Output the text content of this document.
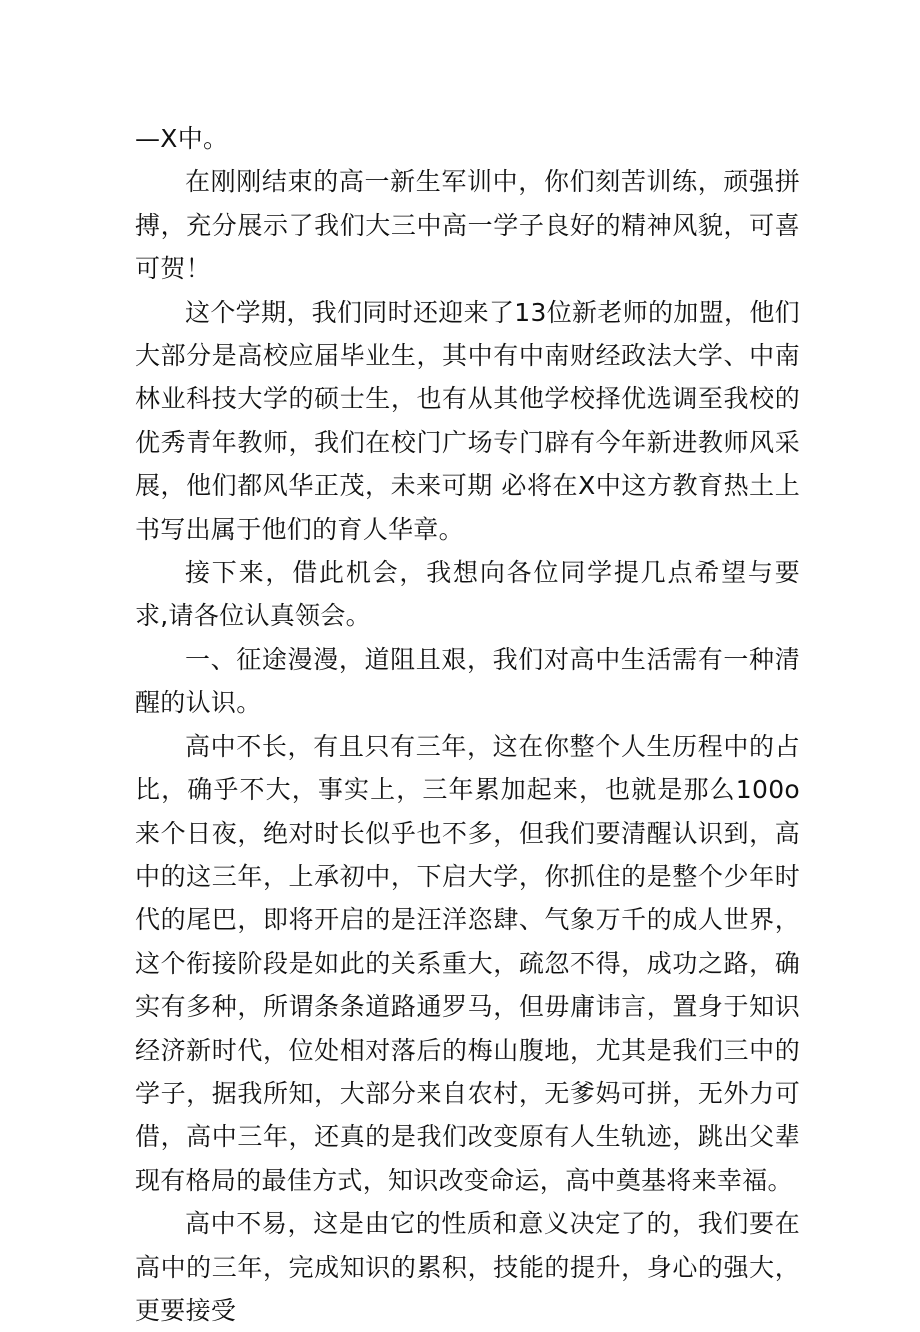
—X中。

在刚刚结束的高一新生军训中，你们刻苦训练，顽强拼搏，充分展示了我们大三中高一学子良好的精神风貌，可喜可贺！

这个学期，我们同时还迎来了13位新老师的加盟，他们大部分是高校应届毕业生，其中有中南财经政法大学、中南林业科技大学的硕士生，也有从其他学校择优选调至我校的优秀青年教师，我们在校门广场专门辟有今年新进教师风采展，他们都风华正茂，未来可期 必将在X中这方教育热土上书写出属于他们的育人华章。

接下来，借此机会，我想向各位同学提几点希望与要求,请各位认真领会。

一、征途漫漫，道阻且艰，我们对高中生活需有一种清醒的认识。

高中不长，有且只有三年，这在你整个人生历程中的占比，确乎不大，事实上，三年累加起来，也就是那么100o来个日夜，绝对时长似乎也不多，但我们要清醒认识到，高中的这三年，上承初中，下启大学，你抓住的是整个少年时代的尾巴，即将开启的是汪洋恣肆、气象万千的成人世界，这个衔接阶段是如此的关系重大，疏忽不得，成功之路，确实有多种，所谓条条道路通罗马，但毋庸讳言，置身于知识经济新时代，位处相对落后的梅山腹地，尤其是我们三中的学子，据我所知，大部分来自农村，无爹妈可拼，无外力可借，高中三年，还真的是我们改变原有人生轨迹，跳出父辈现有格局的最佳方式，知识改变命运，高中奠基将来幸福。

高中不易，这是由它的性质和意义决定了的，我们要在高中的三年，完成知识的累积，技能的提升，身心的强大，更要接受
